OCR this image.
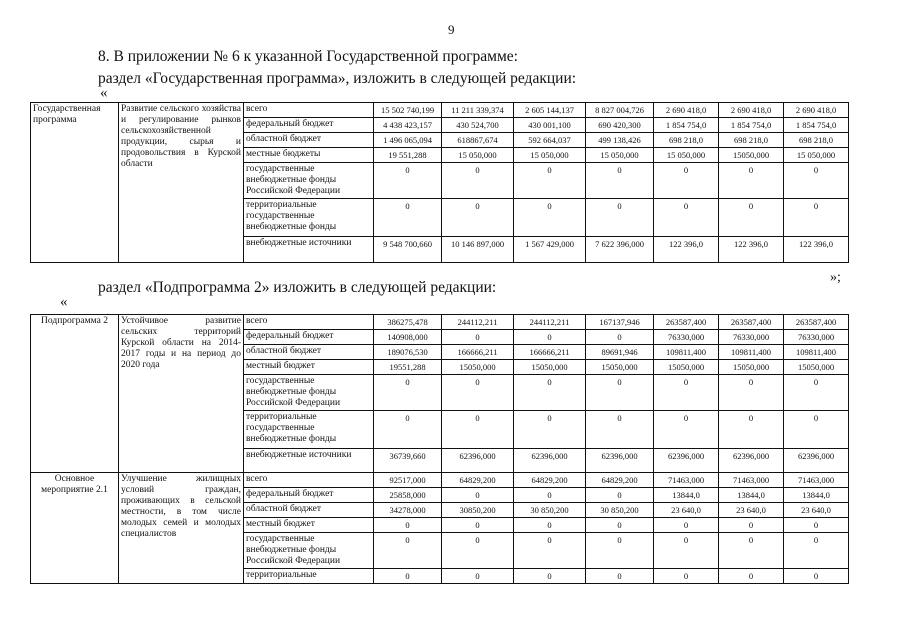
9
8. В приложении № 6 к указанной Государственной программе:
раздел «Государственная программа», изложить в следующей редакции:
«
Государственная программа	Развитие сельского хозяйства и регулирование рынков сельскохозяйственной продукции, сырья и продовольствия в Курской области	всего	15 502 740,199	11 211 339,374	2 605 144,137	8 827 004,726	2 690 418,0	2 690 418,0	2 690 418,0
		федеральный бюджет	4 438 423,157	430 524,700	430 001,100	690 420,300	1 854 754,0	1 854 754,0	1 854 754,0
		областной бюджет	1 496 065,094	618867,674	592 664,037	499 138,426	698 218,0	698 218,0	698 218,0
		местные бюджеты	19 551,288	15 050,000	15 050,000	15 050,000	15 050,000	15050,000	15 050,000
		государственные внебюджетные фонды Российской Федерации	0	0	0	0	0	0	0
		территориальные государственные внебюджетные фонды	0	0	0	0	0	0	0
		внебюджетные источники	9 548 700,660	10 146 897,000	1 567 429,000	7 622 396,000	122 396,0	122 396,0	122 396,0
»;
раздел «Подпрограмма 2» изложить в следующей редакции:
«
Подпрограмма 2	Устойчивое развитие сельских территорий Курской области на 2014-2017 годы и на период до 2020 года	всего	386275,478	244112,211	244112,211	167137,946	263587,400	263587,400	263587,400
		федеральный бюджет	140908,000	0	0	0	76330,000	76330,000	76330,000
		областной бюджет	189076,530	166666,211	166666,211	89691,946	109811,400	109811,400	109811,400
		местный бюджет	19551,288	15050,000	15050,000	15050,000	15050,000	15050,000	15050,000
		государственные внебюджетные фонды Российской Федерации	0	0	0	0	0	0	0
		территориальные государственные внебюджетные фонды	0	0	0	0	0	0	0
		внебюджетные источники	36739,660	62396,000	62396,000	62396,000	62396,000	62396,000	62396,000
Основное мероприятие 2.1	Улучшение жилищных условий граждан, проживающих в сельской местности, в том числе молодых семей и молодых специалистов	всего	92517,000	64829,200	64829,200	64829,200	71463,000	71463,000	71463,000
		федеральный бюджет	25858,000	0	0	0	13844,0	13844,0	13844,0
		областной бюджет	34278,000	30850,200	30 850,200	30 850,200	23 640,0	23 640,0	23 640,0
		местный бюджет	0	0	0	0	0	0	0
		государственные внебюджетные фонды Российской Федерации	0	0	0	0	0	0	0
		территориальные	0	0	0	0	0	0	0
